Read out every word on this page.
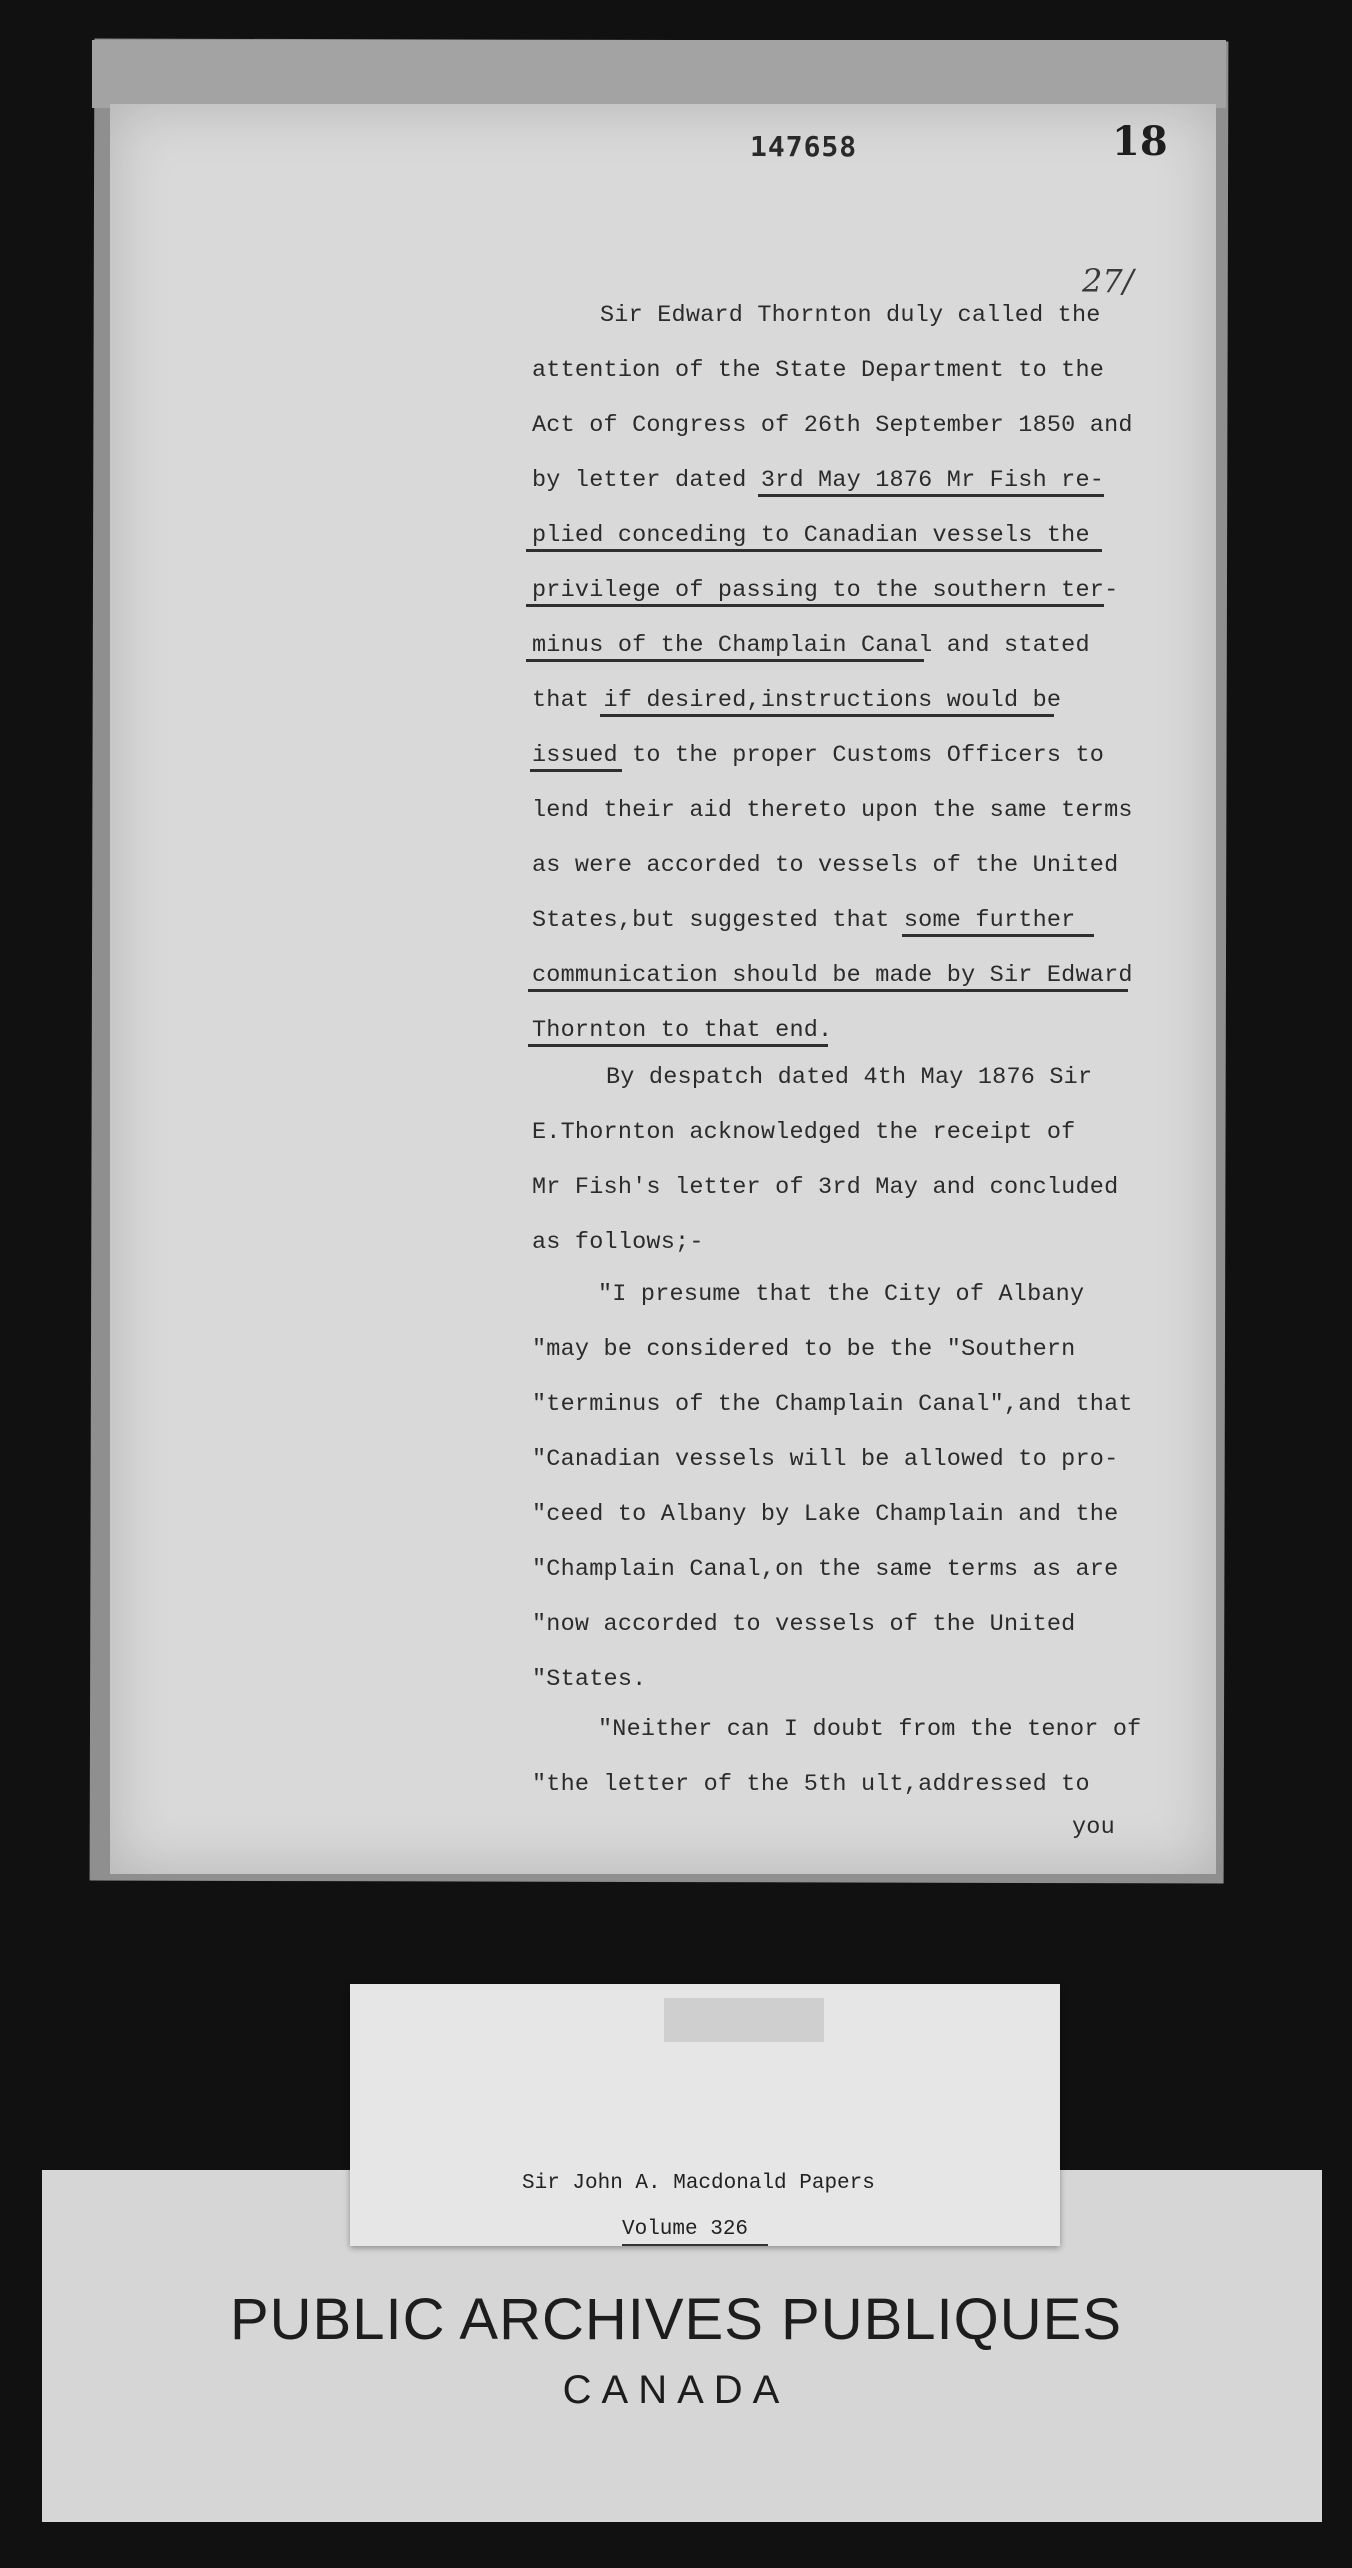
147658	18
27/
Sir Edward Thornton duly called the
attention of the State Department to the
Act of Congress of 26th September 1850 and
by letter dated 3rd May 1876 Mr Fish re-
plied conceding to Canadian vessels the
privilege of passing to the southern ter-
minus of the Champlain Canal and stated
that if desired,instructions would be
issued to the proper Customs Officers to
lend their aid thereto upon the same terms
as were accorded to vessels of the United
States,but suggested that some further
communication should be made by Sir Edward
Thornton to that end.
By despatch dated 4th May 1876 Sir
E.Thornton acknowledged the receipt of
Mr Fish's letter of 3rd May and concluded
as follows;-
"I presume that the City of Albany
"may be considered to be the "Southern
"terminus of the Champlain Canal",and that
"Canadian vessels will be allowed to pro-
"ceed to Albany by Lake Champlain and the
"Champlain Canal,on the same terms as are
"now accorded to vessels of the United
"States.
"Neither can I doubt from the tenor of
"the letter of the 5th ult,addressed to
you
Sir John A. Macdonald Papers
Volume 326
PUBLIC ARCHIVES PUBLIQUES
CANADA
